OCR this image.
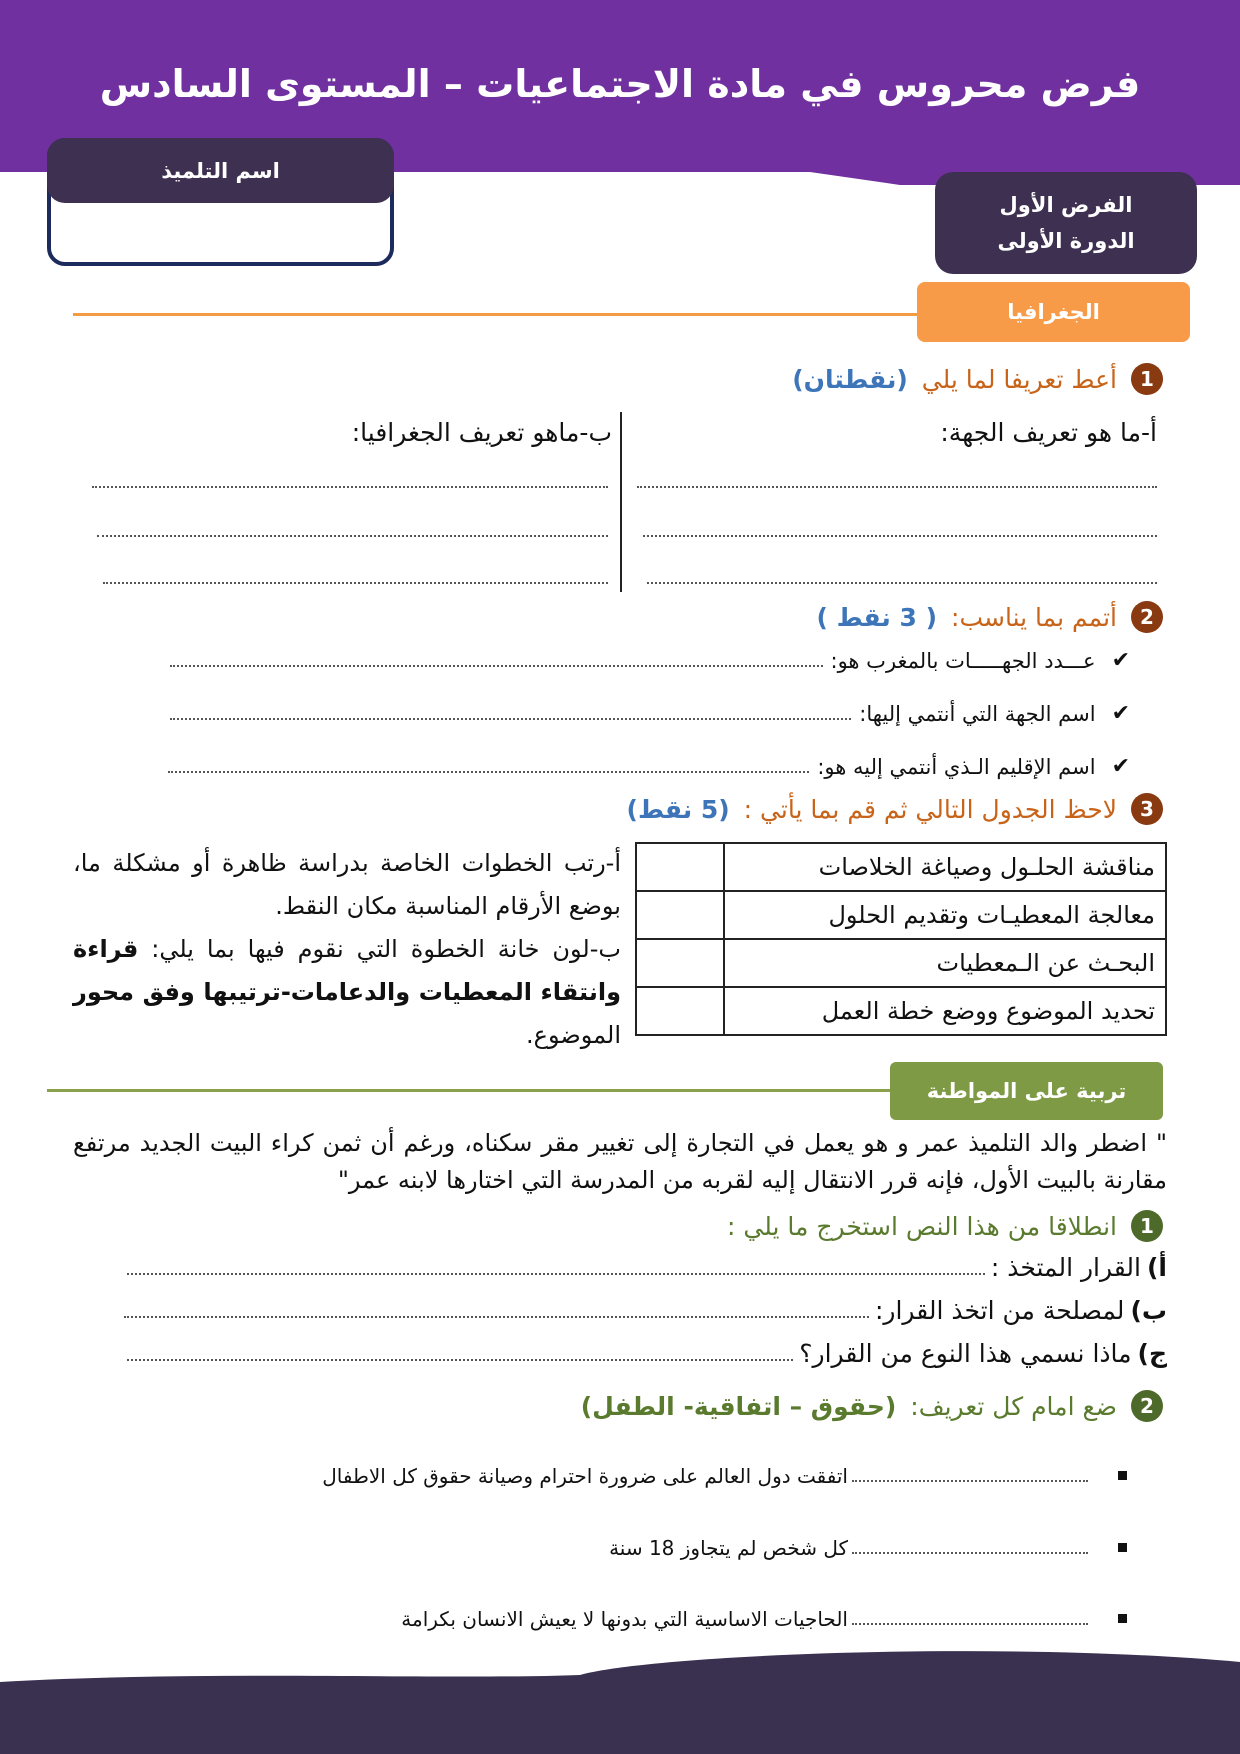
فرض محروس في مادة الاجتماعيات – المستوى السادس
اسم التلميذ
الفرض الأول
الدورة الأولى
الجغرافيا
1
أعط تعريفا لما يلي
(نقطتان)
أ-ما هو تعريف الجهة:
ب-ماهو تعريف الجغرافيا:
2
أتمم بما يناسب:
( 3 نقط )
✔
عـــدد الجهـــــات بالمغرب هو:
✔
اسم الجهة التي أنتمي إليها:
✔
اسم الإقليم الـذي أنتمي إليه هو:
3
لاحظ الجدول التالي ثم قم بما يأتي :
(5 نقط)
مناقشة الحلـول وصياغة الخلاصات	
معالجة المعطيـات وتقديم الحلول	
البحـث عن الـمعطيات	
تحديد الموضوع ووضع خطة العمل	
أ-رتب الخطوات الخاصة بدراسة ظاهرة أو مشكلة ما، بوضع الأرقام المناسبة مكان النقط.
ب-لون خانة الخطوة التي نقوم فيها بما يلي: قراءة وانتقاء المعطيات والدعامات-ترتيبها وفق محور الموضوع.
تربية على المواطنة
" اضطر والد التلميذ عمر و هو يعمل في التجارة إلى تغيير مقر سكناه، ورغم أن ثمن كراء البيت الجديد مرتفع مقارنة بالبيت الأول، فإنه قرر الانتقال إليه لقربه من المدرسة التي اختارها لابنه عمر"
1
انطلاقا من هذا النص استخرج ما يلي :
أ)
القرار المتخذ :
ب)
لمصلحة من اتخذ القرار:
ج)
ماذا نسمي هذا النوع من القرار؟
2
ضع امام كل تعريف:
(حقوق – اتفاقية- الطفل)
اتفقت دول العالم على ضرورة احترام وصيانة حقوق كل الاطفال
كل شخص لم يتجاوز 18 سنة
الحاجيات الاساسية التي بدونها لا يعيش الانسان بكرامة
